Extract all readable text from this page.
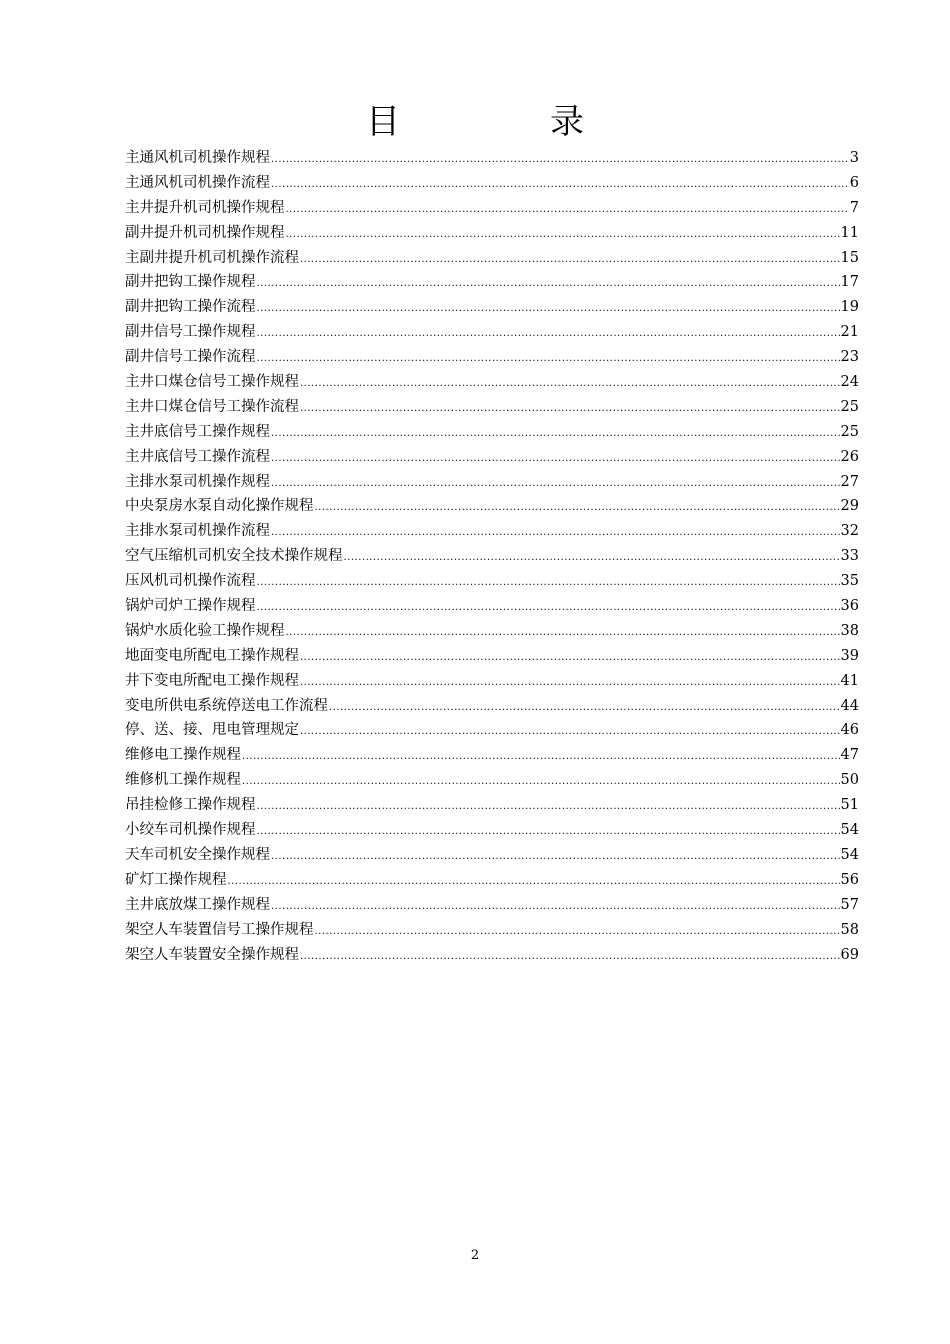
目录
主通风机司机操作规程 .....	3
主通风机司机操作流程 .....	6
主井提升机司机操作规程 .....	7
副井提升机司机操作规程 .....	11
主副井提升机司机操作流程 .....	15
副井把钩工操作规程 .....	17
副井把钩工操作流程 .....	19
副井信号工操作规程 .....	21
副井信号工操作流程 .....	23
主井口煤仓信号工操作规程 .....	24
主井口煤仓信号工操作流程 .....	25
主井底信号工操作规程 .....	25
主井底信号工操作流程 .....	26
主排水泵司机操作规程 .....	27
中央泵房水泵自动化操作规程 .....	29
主排水泵司机操作流程 .....	32
空气压缩机司机安全技术操作规程 .....	33
压风机司机操作流程 .....	35
锅炉司炉工操作规程 .....	36
锅炉水质化验工操作规程 .....	38
地面变电所配电工操作规程 .....	39
井下变电所配电工操作规程 .....	41
变电所供电系统停送电工作流程 .....	44
停、送、接、甩电管理规定 .....	46
维修电工操作规程 .....	47
维修机工操作规程 .....	50
吊挂检修工操作规程 .....	51
小绞车司机操作规程 .....	54
天车司机安全操作规程 .....	54
矿灯工操作规程 .....	56
主井底放煤工操作规程 .....	57
架空人车装置信号工操作规程 .....	58
架空人车装置安全操作规程 .....	69
2
